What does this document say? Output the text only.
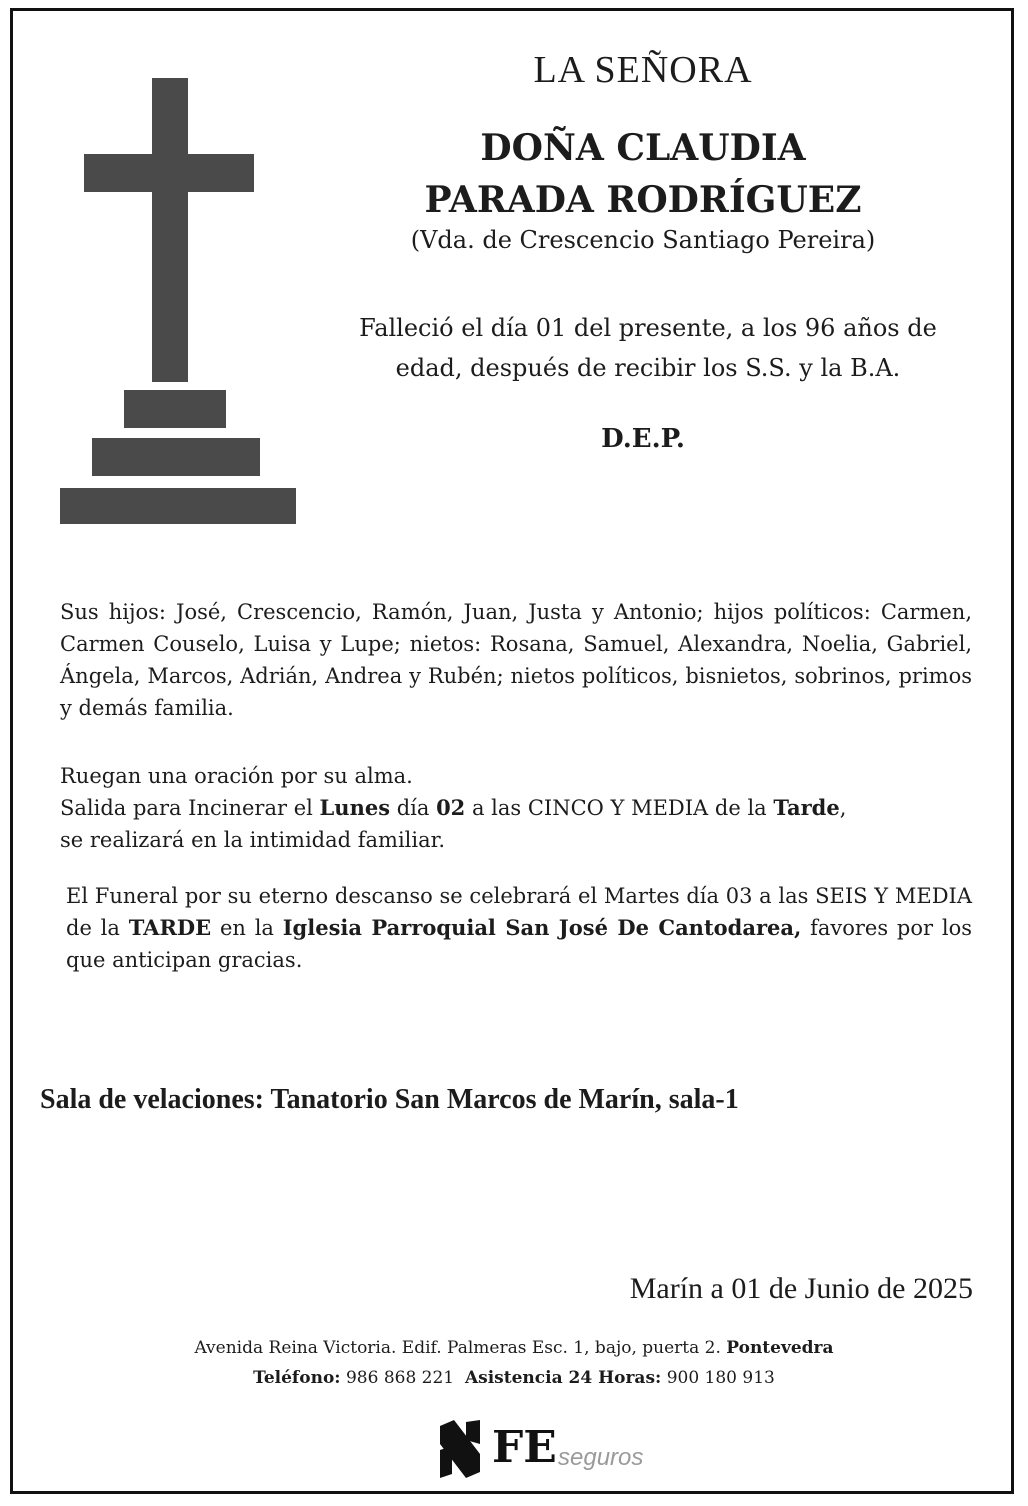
LA SEÑORA
DOÑA CLAUDIA
PARADA RODRÍGUEZ
(Vda. de Crescencio Santiago Pereira)
Falleció el día 01 del presente, a los 96 años de
edad, después de recibir los S.S. y la B.A.
D.E.P.
Sus hijos: José, Crescencio, Ramón, Juan, Justa y Antonio; hijos políticos: Carmen, Carmen Couselo, Luisa y Lupe; nietos: Rosana, Samuel, Alexandra, Noelia, Gabriel, Ángela, Marcos, Adrián, Andrea y Rubén; nietos políticos, bisnietos, sobrinos, primos y demás familia.
Ruegan una oración por su alma.
Salida para Incinerar el Lunes día 02 a las CINCO Y MEDIA de la Tarde,
se realizará en la intimidad familiar.
El Funeral por su eterno descanso se celebrará el Martes día 03 a las SEIS Y MEDIA de la TARDE en la Iglesia Parroquial San José De Cantodarea, favores por los que anticipan gracias.
Sala de velaciones: Tanatorio San Marcos de Marín, sala-1
Marín a 01 de Junio de 2025
Avenida Reina Victoria. Edif. Palmeras Esc. 1, bajo, puerta 2. Pontevedra
Teléfono: 986 868 221 Asistencia 24 Horas: 900 180 913
FE seguros
